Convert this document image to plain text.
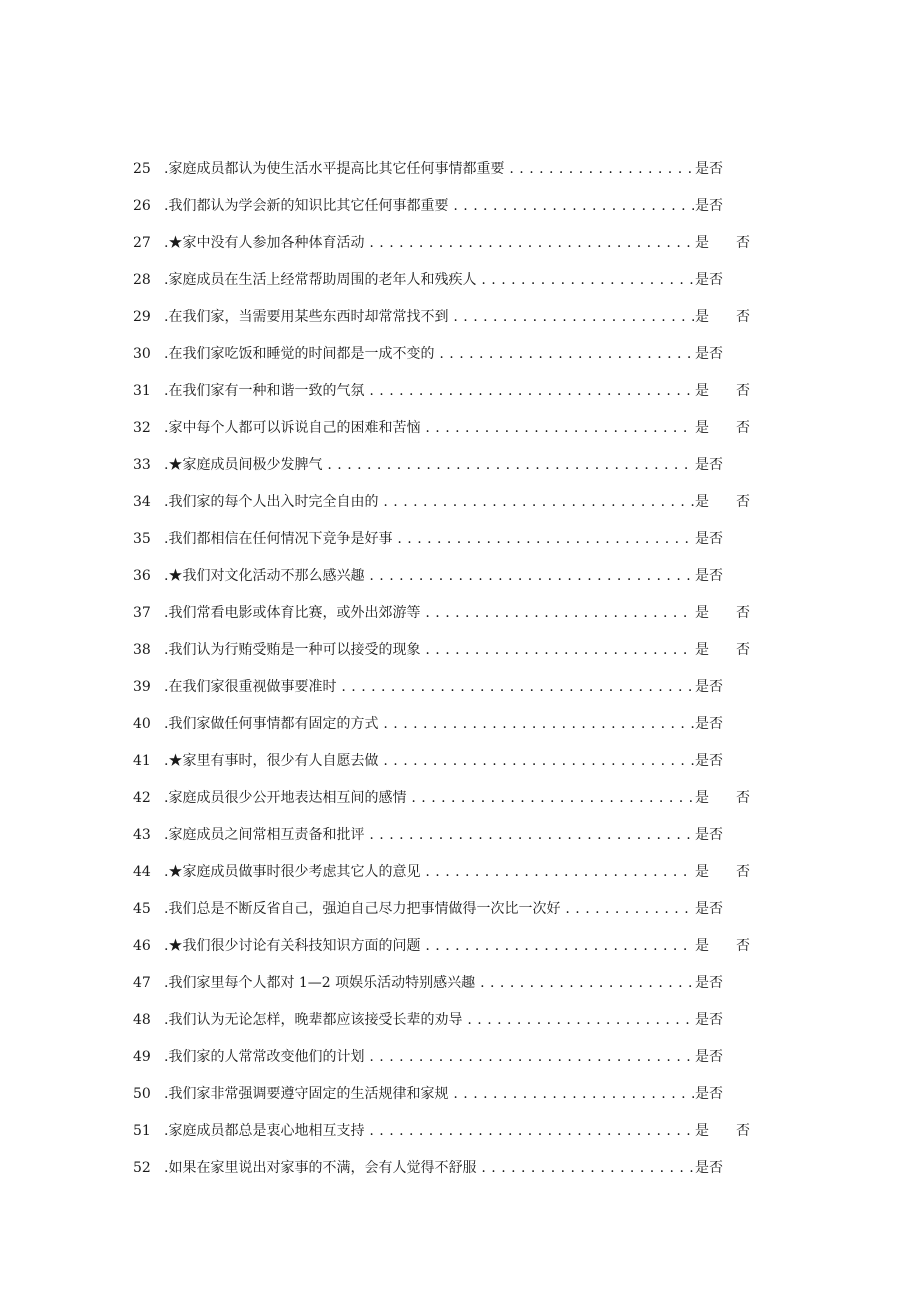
25 .家庭成员都认为使生活水平提高比其它任何事情都重要 . . .	是 否
26 .我们都认为学会新的知识比其它任何事都重要 . . .	是 否
27 .★家中没有人参加各种体育活动 . . .	是 否
28 .家庭成员在生活上经常帮助周围的老年人和残疾人 . . .	是 否
29 .在我们家，当需要用某些东西时却常常找不到 . . .	是 否
30 .在我们家吃饭和睡觉的时间都是一成不变的 . . .	是 否
31 .在我们家有一种和谐一致的气氛 . . .	是 否
32 .家中每个人都可以诉说自己的困难和苦恼 . . .	是 否
33 .★家庭成员间极少发脾气 . . .	是 否
34 .我们家的每个人出入时完全自由的 . . .	是 否
35 .我们都相信在任何情况下竞争是好事 . . .	是 否
36 .★我们对文化活动不那么感兴趣 . . .	是 否
37 .我们常看电影或体育比赛，或外出郊游等 . . .	是 否
38 .我们认为行贿受贿是一种可以接受的现象 . . .	是 否
39 .在我们家很重视做事要准时 . . .	是 否
40 .我们家做任何事情都有固定的方式 . . .	是 否
41 .★家里有事时，很少有人自愿去做 . . .	是 否
42 .家庭成员很少公开地表达相互间的感情 . . .	是 否
43 .家庭成员之间常相互责备和批评 . . .	是 否
44 .★家庭成员做事时很少考虑其它人的意见 . . .	是 否
45 .我们总是不断反省自己，强迫自己尽力把事情做得一次比一次好 . . .	是 否
46 .★我们很少讨论有关科技知识方面的问题 . . .	是 否
47 .我们家里每个人都对 1—2 项娱乐活动特别感兴趣 . . .	是 否
48 .我们认为无论怎样，晚辈都应该接受长辈的劝导 . . .	是 否
49 .我们家的人常常改变他们的计划 . . .	是 否
50 .我们家非常强调要遵守固定的生活规律和家规 . . .	是 否
51 .家庭成员都总是衷心地相互支持 . . .	是 否
52 .如果在家里说出对家事的不满，会有人觉得不舒服 . . .	是 否
